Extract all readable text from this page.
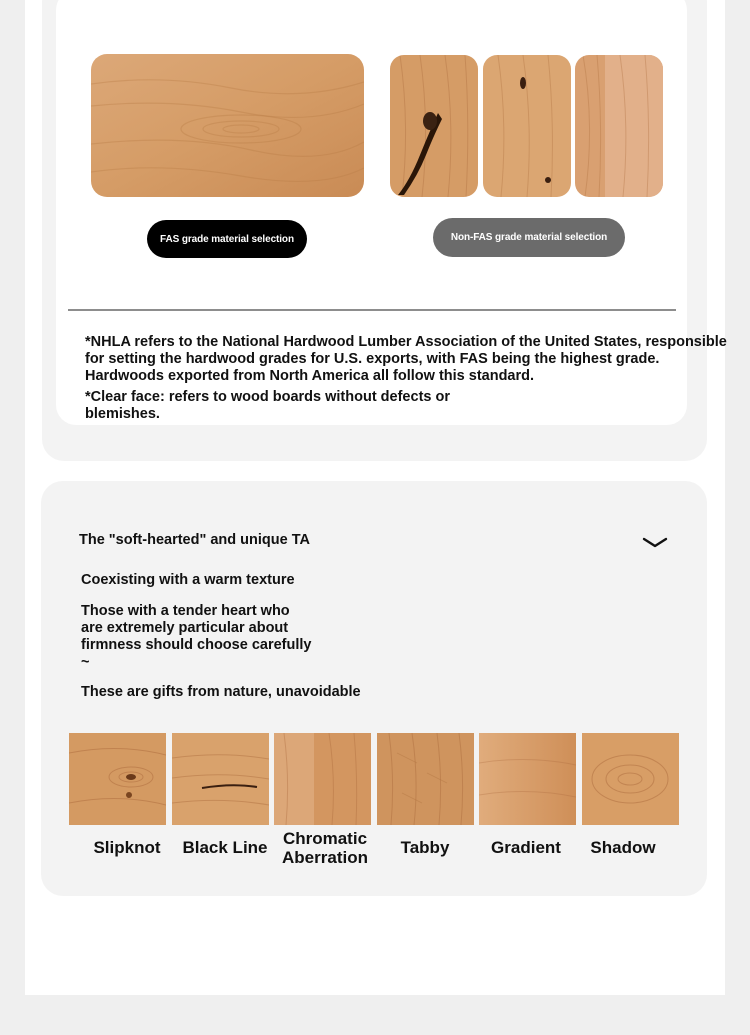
FAS grade material selection	Non-FAS grade material selection
*NHLA refers to the National Hardwood Lumber Association of the United States, responsible for setting the hardwood grades for U.S. exports, with FAS being the highest grade. Hardwoods exported from North America all follow this standard.
*Clear face: refers to wood boards without defects or blemishes.
The "soft-hearted" and unique TA
Coexisting with a warm texture
Those with a tender heart who
are extremely particular about
firmness should choose carefully
~
These are gifts from nature, unavoidable
Slipknot	Black Line Chromatic Aberration
Tabby	Gradient	Shadow
